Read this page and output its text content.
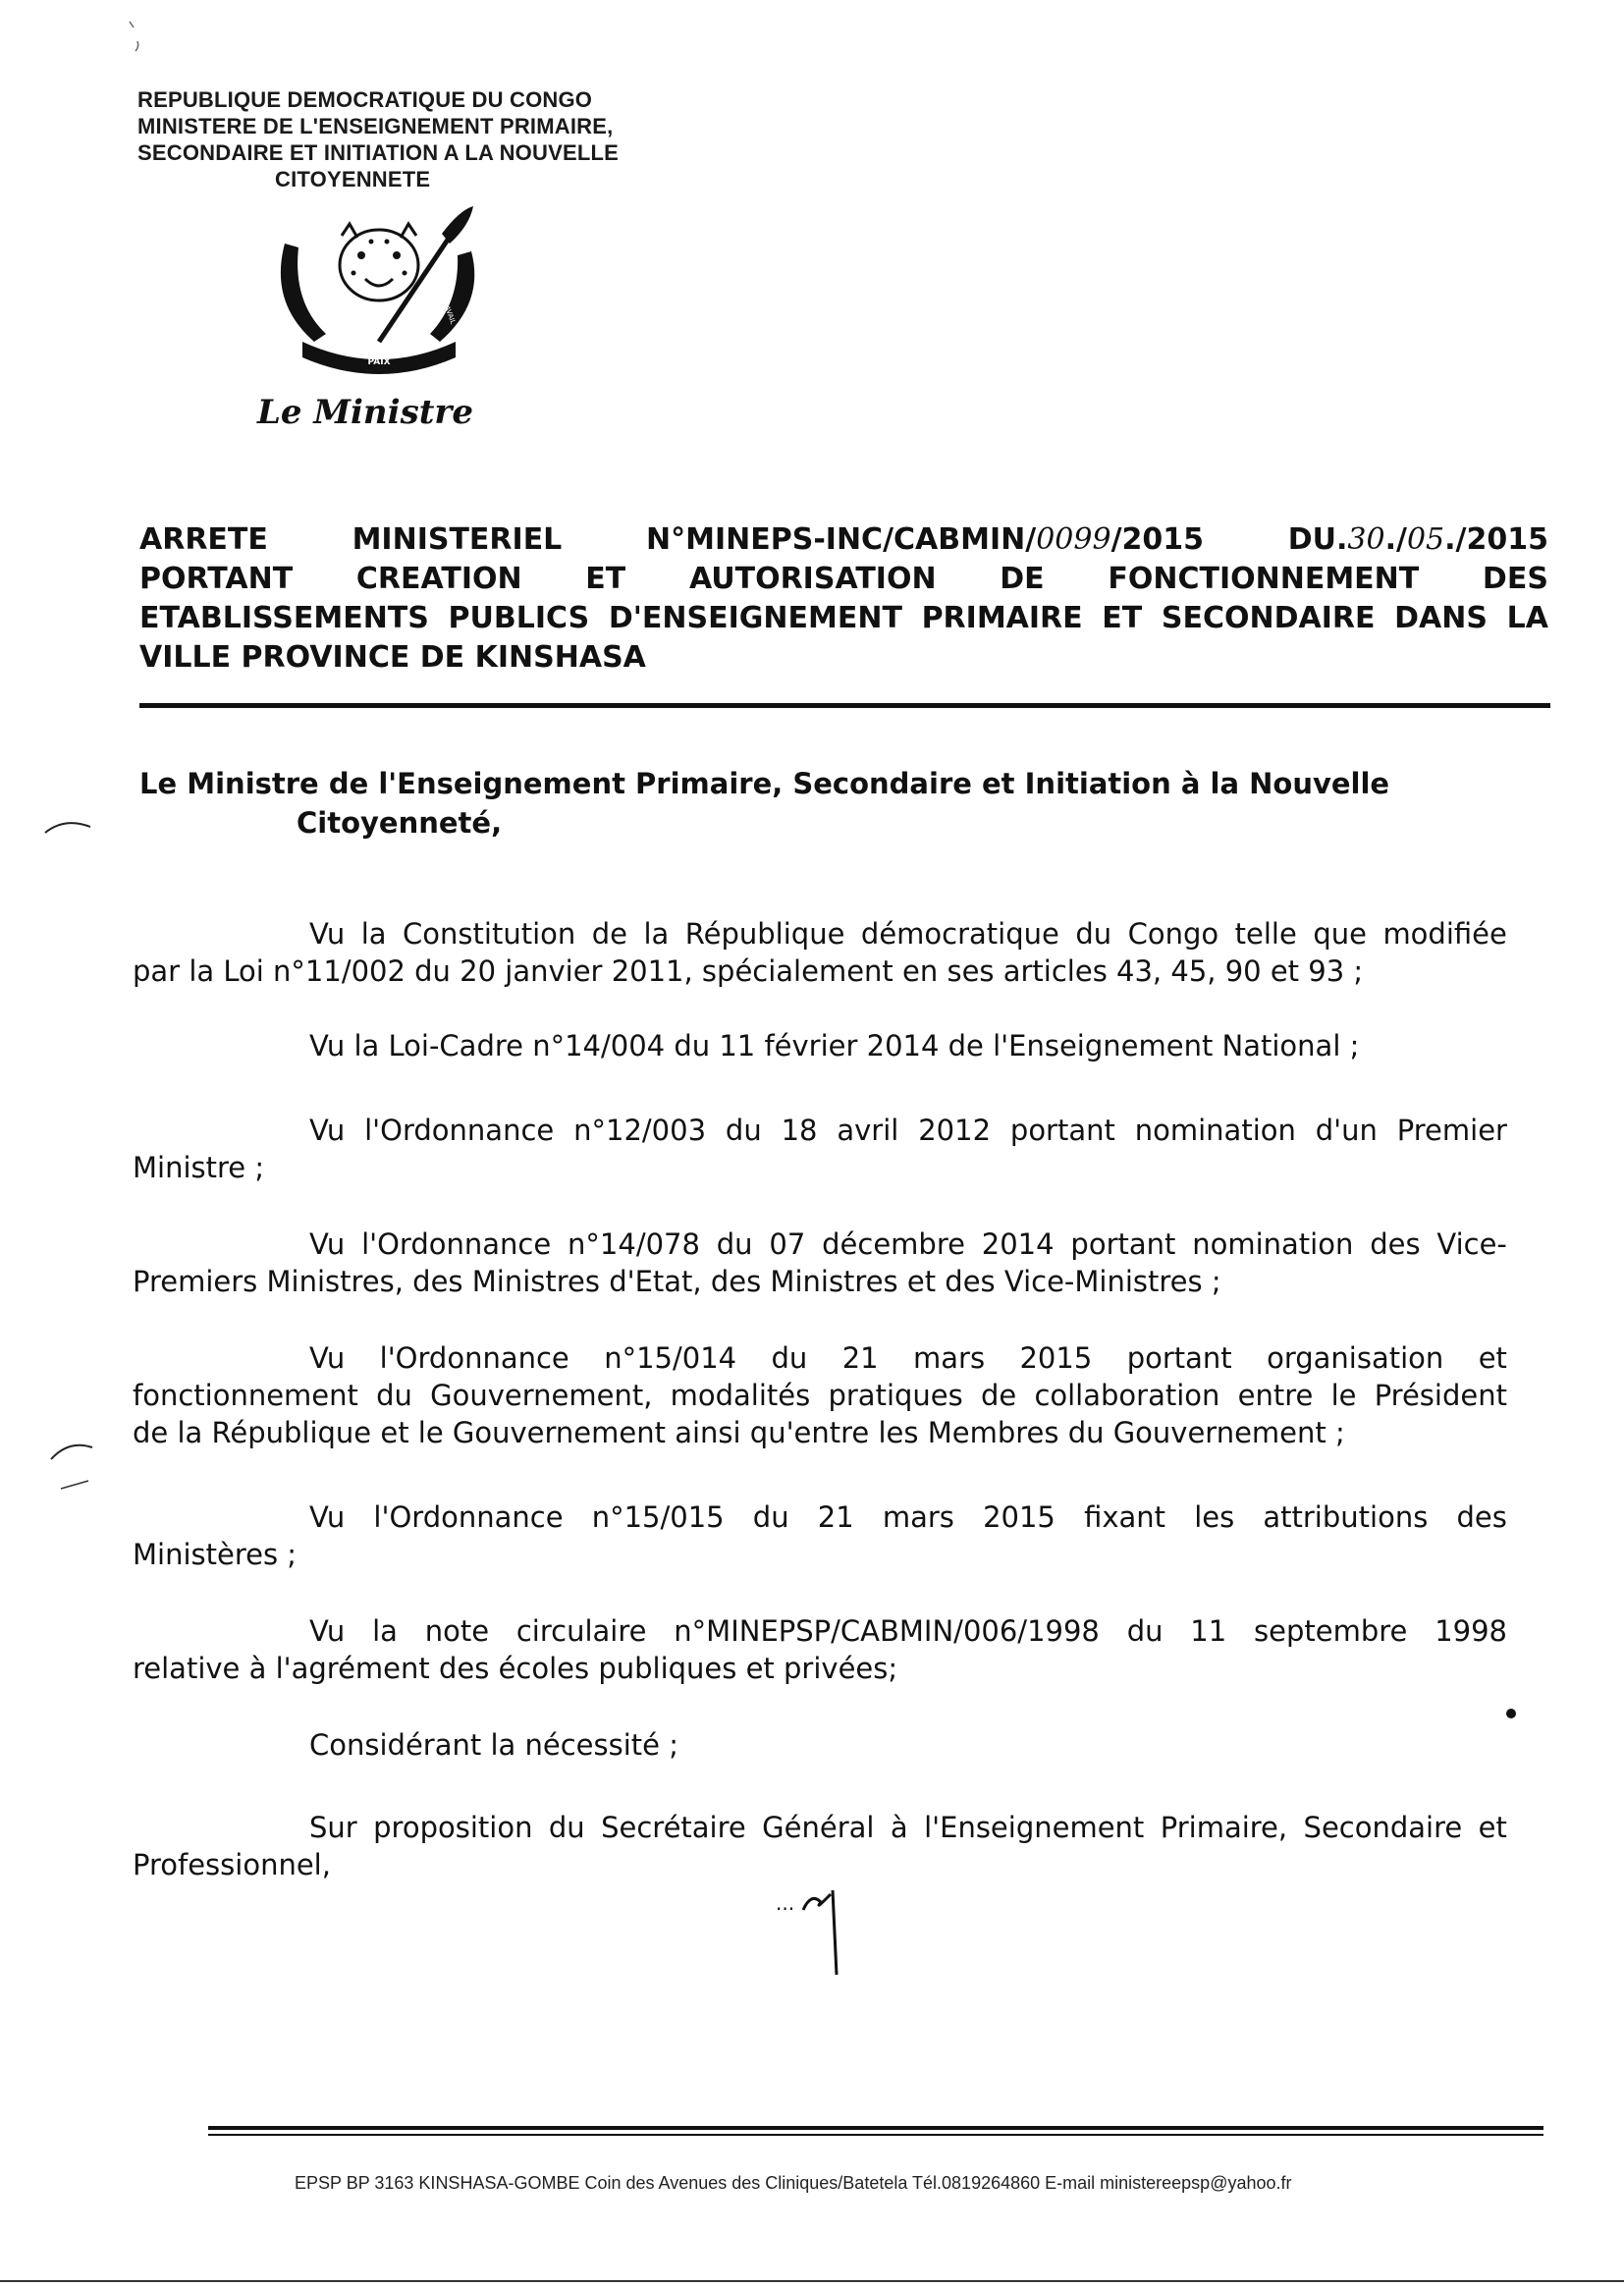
REPUBLIQUE DEMOCRATIQUE DU CONGO
MINISTERE DE L'ENSEIGNEMENT PRIMAIRE,
SECONDAIRE ET INITIATION A LA NOUVELLE
CITOYENNETE
PAIX
JUSTICE	TRAVAIL
Le Ministre
ARRETE	MINISTERIEL	N°MINEPS-INC/CABMIN/0099/2015	DU.30./05./2015
PORTANT CREATION ET AUTORISATION DE FONCTIONNEMENT DES
ETABLISSEMENTS PUBLICS D'ENSEIGNEMENT PRIMAIRE ET SECONDAIRE DANS LA
VILLE PROVINCE DE KINSHASA
Le Ministre de l'Enseignement Primaire, Secondaire et Initiation à la Nouvelle
Citoyenneté,
Vu la Constitution de la République démocratique du Congo telle que modifiée
par la Loi n°11/002 du 20 janvier 2011, spécialement en ses articles 43, 45, 90 et 93 ;
Vu la Loi-Cadre n°14/004 du 11 février 2014 de l'Enseignement National ;
Vu l'Ordonnance n°12/003 du 18 avril 2012 portant nomination d'un Premier
Ministre ;
Vu l'Ordonnance n°14/078 du 07 décembre 2014 portant nomination des Vice-
Premiers Ministres, des Ministres d'Etat, des Ministres et des Vice-Ministres ;
Vu l'Ordonnance n°15/014 du 21 mars 2015 portant organisation et
fonctionnement du Gouvernement, modalités pratiques de collaboration entre le Président
de la République et le Gouvernement ainsi qu'entre les Membres du Gouvernement ;
Vu l'Ordonnance n°15/015 du 21 mars 2015 fixant les attributions des
Ministères ;
Vu la note circulaire n°MINEPSP/CABMIN/006/1998 du 11 septembre 1998
relative à l'agrément des écoles publiques et privées;
Considérant la nécessité ;
Sur proposition du Secrétaire Général à l'Enseignement Primaire, Secondaire et
Professionnel,
...
EPSP BP 3163 KINSHASA-GOMBE Coin des Avenues des Cliniques/Batetela Tél.0819264860 E-mail ministereepsp@yahoo.fr
